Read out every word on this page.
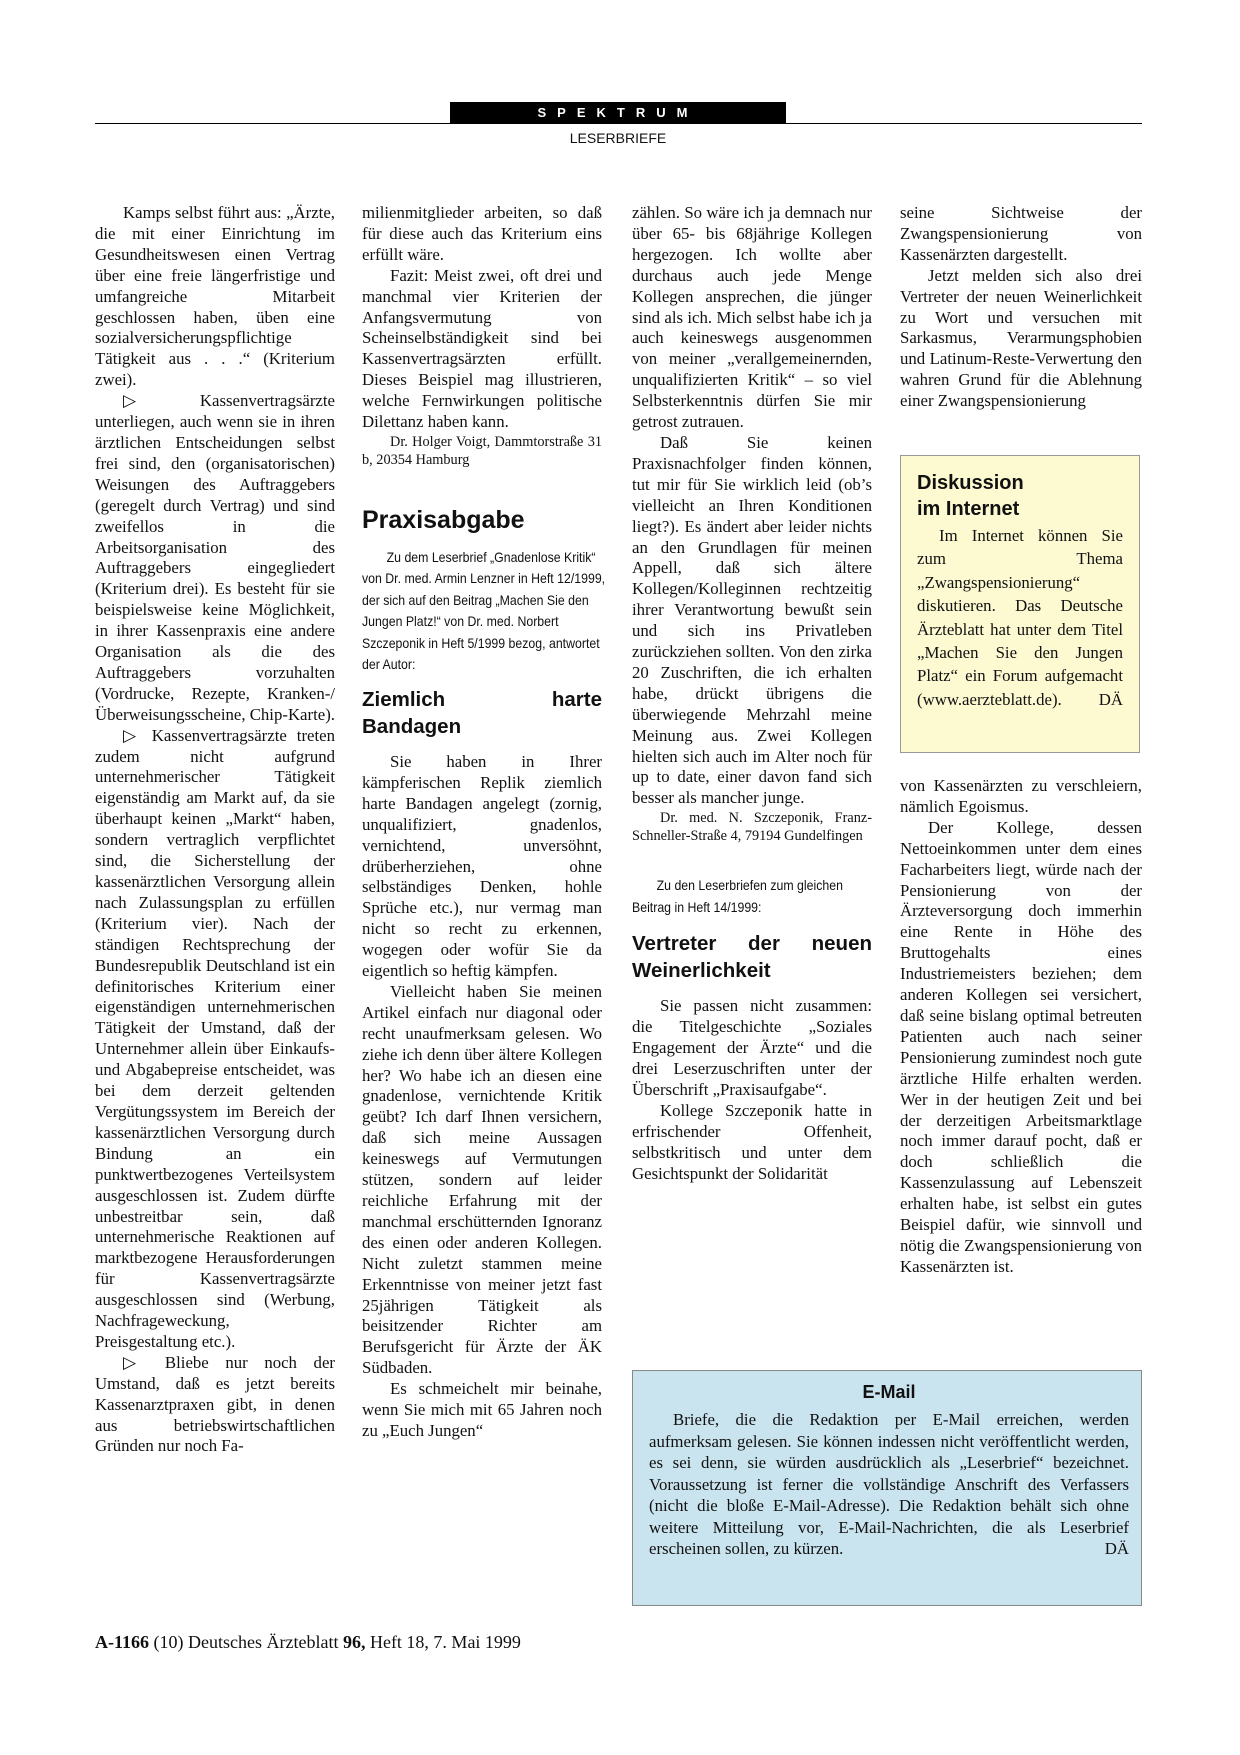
SPEKTRUM
LESERBRIEFE

Kamps selbst führt aus: „Ärzte, die mit einer Einrichtung im Gesundheitswesen einen Vertrag über eine freie längerfristige und umfangreiche Mitarbeit geschlossen haben, üben eine sozialversicherungspflichtige Tätigkeit aus . . .“ (Kriterium zwei).

▷ Kassenvertragsärzte unterliegen, auch wenn sie in ihren ärztlichen Entscheidungen selbst frei sind, den (organisatorischen) Weisungen des Auftraggebers (geregelt durch Vertrag) und sind zweifellos in die Arbeitsorganisation des Auftraggebers eingegliedert (Kriterium drei). Es besteht für sie beispielsweise keine Möglichkeit, in ihrer Kassenpraxis eine andere Organisation als die des Auftraggebers vorzuhalten (Vordrucke, Rezepte, Kranken-/Überweisungsscheine, Chip-Karte).

▷ Kassenvertragsärzte treten zudem nicht aufgrund unternehmerischer Tätigkeit eigenständig am Markt auf, da sie überhaupt keinen „Markt“ haben, sondern vertraglich verpflichtet sind, die Sicherstellung der kassenärztlichen Versorgung allein nach Zulassungsplan zu erfüllen (Kriterium vier). Nach der ständigen Rechtsprechung der Bundesrepublik Deutschland ist ein definitorisches Kriterium einer eigenständigen unternehmerischen Tätigkeit der Umstand, daß der Unternehmer allein über Einkaufs- und Abgabepreise entscheidet, was bei dem derzeit geltenden Vergütungssystem im Bereich der kassenärztlichen Versorgung durch Bindung an ein punktwertbezogenes Verteilsystem ausgeschlossen ist. Zudem dürfte unbestreitbar sein, daß unternehmerische Reaktionen auf marktbezogene Herausforderungen für Kassenvertragsärzte ausgeschlossen sind (Werbung, Nachfrageweckung, Preisgestaltung etc.).

▷ Bliebe nur noch der Umstand, daß es jetzt bereits Kassenarztpraxen gibt, in denen aus betriebswirtschaftlichen Gründen nur noch Fa-

milienmitglieder arbeiten, so daß für diese auch das Kriterium eins erfüllt wäre.

Fazit: Meist zwei, oft drei und manchmal vier Kriterien der Anfangsvermutung von Scheinselbständigkeit sind bei Kassenvertragsärzten erfüllt. Dieses Beispiel mag illustrieren, welche Fernwirkungen politische Dilettanz haben kann.

Dr. Holger Voigt, Dammtorstraße 31 b, 20354 Hamburg

Praxisabgabe

Zu dem Leserbrief „Gnadenlose Kritik“ von Dr. med. Armin Lenzner in Heft 12/1999, der sich auf den Beitrag „Machen Sie den Jungen Platz!“ von Dr. med. Norbert Szczeponik in Heft 5/1999 bezog, antwortet der Autor:

Ziemlich harte Bandagen

Sie haben in Ihrer kämpferischen Replik ziemlich harte Bandagen angelegt (zornig, unqualifiziert, gnadenlos, vernichtend, unversöhnt, drüberherziehen, ohne selbständiges Denken, hohle Sprüche etc.), nur vermag man nicht so recht zu erkennen, wogegen oder wofür Sie da eigentlich so heftig kämpfen.

Vielleicht haben Sie meinen Artikel einfach nur diagonal oder recht unaufmerksam gelesen. Wo ziehe ich denn über ältere Kollegen her? Wo habe ich an diesen eine gnadenlose, vernichtende Kritik geübt? Ich darf Ihnen versichern, daß sich meine Aussagen keineswegs auf Vermutungen stützen, sondern auf leider reichliche Erfahrung mit der manchmal erschütternden Ignoranz des einen oder anderen Kollegen. Nicht zuletzt stammen meine Erkenntnisse von meiner jetzt fast 25jährigen Tätigkeit als beisitzender Richter am Berufsgericht für Ärzte der ÄK Südbaden.

Es schmeichelt mir beinahe, wenn Sie mich mit 65 Jahren noch zu „Euch Jungen“

zählen. So wäre ich ja demnach nur über 65- bis 68jährige Kollegen hergezogen. Ich wollte aber durchaus auch jede Menge Kollegen ansprechen, die jünger sind als ich. Mich selbst habe ich ja auch keineswegs ausgenommen von meiner „verallgemeinernden, unqualifizierten Kritik“ – so viel Selbsterkenntnis dürfen Sie mir getrost zutrauen.

Daß Sie keinen Praxisnachfolger finden können, tut mir für Sie wirklich leid (ob’s vielleicht an Ihren Konditionen liegt?). Es ändert aber leider nichts an den Grundlagen für meinen Appell, daß sich ältere Kollegen/Kolleginnen rechtzeitig ihrer Verantwortung bewußt sein und sich ins Privatleben zurückziehen sollten. Von den zirka 20 Zuschriften, die ich erhalten habe, drückt übrigens die überwiegende Mehrzahl meine Meinung aus. Zwei Kollegen hielten sich auch im Alter noch für up to date, einer davon fand sich besser als mancher junge.

Dr. med. N. Szczeponik, Franz-Schneller-Straße 4, 79194 Gundelfingen

Zu den Leserbriefen zum gleichen Beitrag in Heft 14/1999:

Vertreter der neuen Weinerlichkeit

Sie passen nicht zusammen: die Titelgeschichte „Soziales Engagement der Ärzte“ und die drei Leserzuschriften unter der Überschrift „Praxisaufgabe“.

Kollege Szczeponik hatte in erfrischender Offenheit, selbstkritisch und unter dem Gesichtspunkt der Solidarität

seine Sichtweise der Zwangspensionierung von Kassenärzten dargestellt.

Jetzt melden sich also drei Vertreter der neuen Weinerlichkeit zu Wort und versuchen mit Sarkasmus, Verarmungsphobien und Latinum-Reste-Verwertung den wahren Grund für die Ablehnung einer Zwangspensionierung

Diskussion
im Internet

Im Internet können Sie zum Thema „Zwangspensionierung“ diskutieren. Das Deutsche Ärzteblatt hat unter dem Titel „Machen Sie den Jungen Platz“ ein Forum aufgemacht (www.aerzteblatt.de).	DÄ

von Kassenärzten zu verschleiern, nämlich Egoismus.

Der Kollege, dessen Nettoeinkommen unter dem eines Facharbeiters liegt, würde nach der Pensionierung von der Ärzteversorgung doch immerhin eine Rente in Höhe des Bruttogehalts eines Industriemeisters beziehen; dem anderen Kollegen sei versichert, daß seine bislang optimal betreuten Patienten auch nach seiner Pensionierung zumindest noch gute ärztliche Hilfe erhalten werden. Wer in der heutigen Zeit und bei der derzeitigen Arbeitsmarktlage noch immer darauf pocht, daß er doch schließlich die Kassenzulassung auf Lebenszeit erhalten habe, ist selbst ein gutes Beispiel dafür, wie sinnvoll und nötig die Zwangspensionierung von Kassenärzten ist.

E-Mail

Briefe, die die Redaktion per E-Mail erreichen, werden aufmerksam gelesen. Sie können indessen nicht veröffentlicht werden, es sei denn, sie würden ausdrücklich als „Leserbrief“ bezeichnet. Voraussetzung ist ferner die vollständige Anschrift des Verfassers (nicht die bloße E-Mail-Adresse). Die Redaktion behält sich ohne weitere Mitteilung vor, E-Mail-Nachrichten, die als Leserbrief erscheinen sollen, zu kürzen.	DÄ

A-1166 (10) Deutsches Ärzteblatt 96, Heft 18, 7. Mai 1999
